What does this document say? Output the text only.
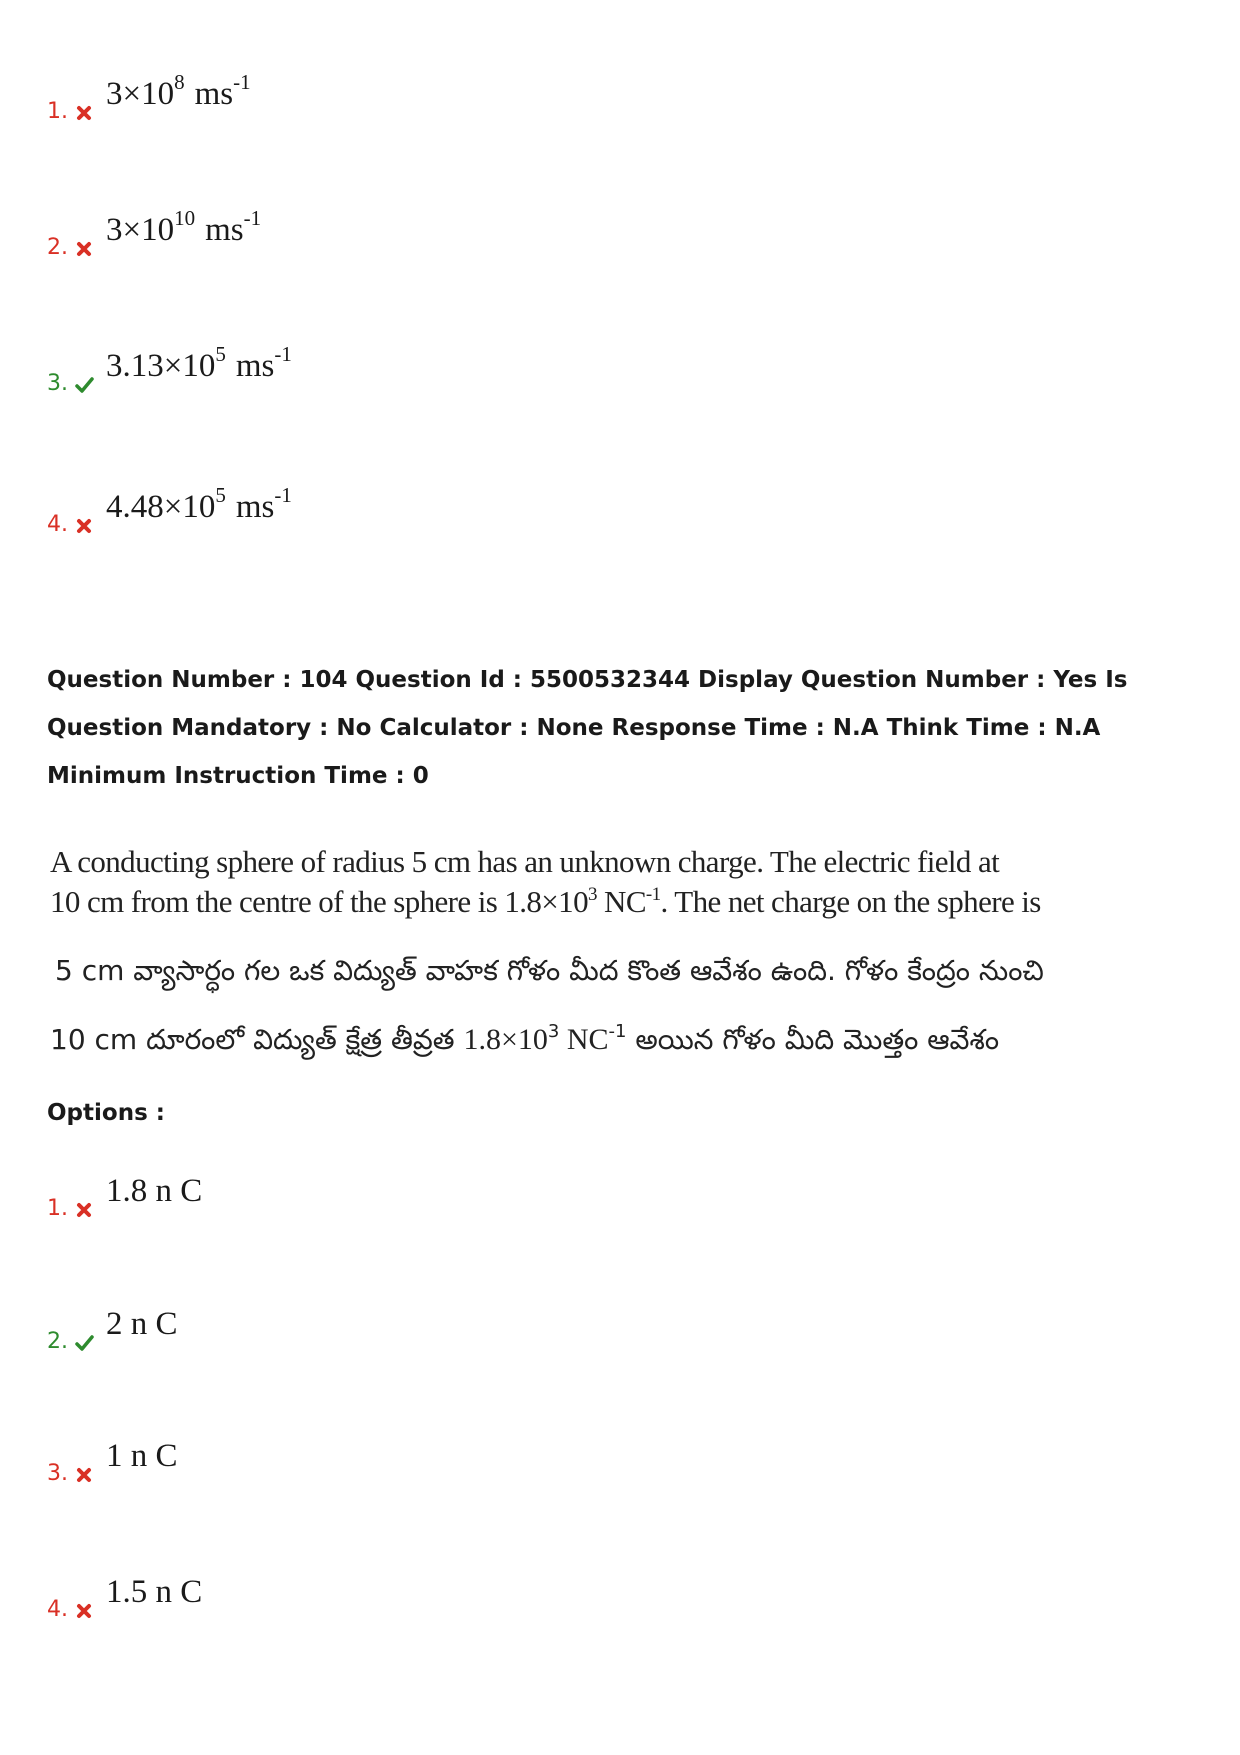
1. $3\times 10^8$ $ms^{-1}$
2. $3\times 10^{10}$ $ms^{-1}$
3. $3.13\times 10^5$ $ms^{-1}$
4. $4.48\times 10^5$ $ms^{-1}$
Question Number : 104 Question Id : 5500532344 Display Question Number : Yes Is Question Mandatory : No Calculator : None Response Time : N.A Think Time : N.A Minimum Instruction Time : 0
A conducting sphere of radius 5 cm has an unknown charge. The electric field at
10 cm from the centre of the sphere is $1.8\times 10^3$ $NC^{-1}$. The net charge on the sphere is
5 cm వ్యాసార్ధం గల ఒక విద్యుత్ వాహక గోళం మీద కొంత ఆవేశం ఉంది. గోళం కేంద్రం నుంచి
10 cm దూరంలో విద్యుత్ క్షేత్ర తీవ్రత $1.8\times 10^3$ $NC^{-1}$ అయిన గోళం మీది మొత్తం ఆవేశం
Options :
1. 1.8 n C
2. 2 n C
3. 1 n C
4. 1.5 n C
